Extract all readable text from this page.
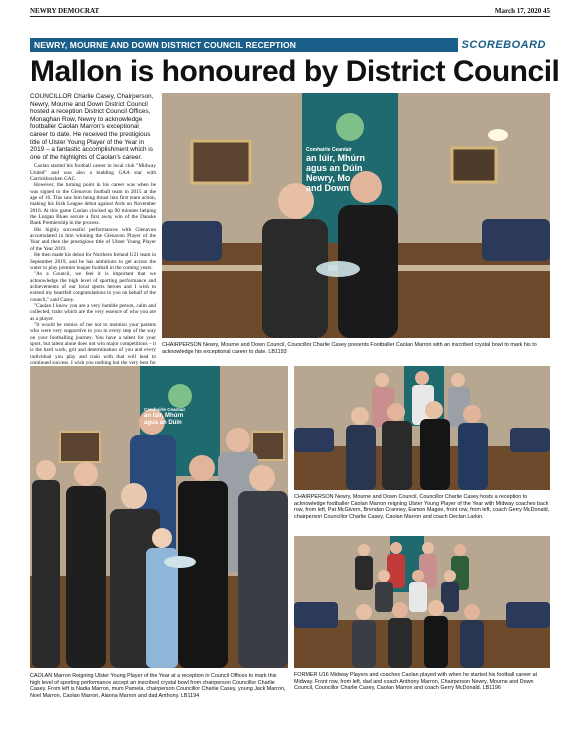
NEWRY DEMOCRAT	March 17, 2020 45
NEWRY, MOURNE AND DOWN DISTRICT COUNCIL RECEPTION	SCOREBOARD
Mallon is honoured by District Council

COUNCILLOR Charlie Casey, Chairperson, Newry, Mourne and Down District Council hosted a reception District Council Offices, Monaghan Row, Newry to acknowledge footballer Caolan Marron's exceptional career to date. He received the prestigious title of Ulster Young Player of the Year in 2019 – a fantastic accomplishment which is one of the highlights of Caolan's career.

Caolan started his football career in local club "Midway United" and was also a budding GAA star with Carrickbracken GAC.

However, the turning point in his career was when he was signed to the Glenavon football team in 2015 at the age of 16. This saw him being thrust into first team action, making his Irish League debut against Ards on November 2016. At this game Caolan clocked up 90 minutes helping the Lurgan Blues secure a first away win of the Danske Bank Premiership in the process.

His highly successful performances with Glenavon accumulated in him winning the Glenavon Player of the Year and then the prestigious title of Ulster Young Player of the Year 2019.

He then made his debut for Northern Ireland U21 team in September 2019, and he has ambitions to get across the water to play premier league football in the coming years.

"As a Council, we feel it is important that we acknowledge the high level of sporting performance and achievements of our local sports heroes and I wish to extend my heartfelt congratulations to you on behalf of the council," said Casey.

"Caolan I know you are a very humble person, calm and collected, traits which are the very essence of who you are as a player.

"It would be remiss of me not to mention your parents who were very supportive to you in every step of the way on your footballing journey. You have a talent for your sport, but talent alone does not win major competitions – it is the hard work, grit and determination of you and every individual you play and train with that will lead to continued success. I wish you nothing but the very best for

Comhairle Ceantair
an Iúir, Mhúrn
agus an Dúin
Newry, Mo
and Down
CHAIRPERSON Newry, Mourne and Down Council, Councillor Charlie Casey presents Footballer Caolan Marron with an inscribed crystal bowl to mark his to acknowledge his exceptional career to date. LB1193
Comhairle Ceantair
an Iúir, Mhúrn
agus an Dúin
CAOLAN Marron Reigning Ulster Young Player of the Year at a reception in Council Offices to mark this high level of sporting performance accept an inscribed crystal bowl from chairperson Councillor Charlie Casey. From left is Nadia Marron, mum Pamela, chairperson Councillor Charlie Casey, young Jack Marron, Noel Marron, Caolan Marron, Alanna Marron and dad Anthony. LB1194
CHAIRPERSON Newry, Mourne and Down Council, Councillor Charlie Casey hosts a reception to acknowledge footballer Caolan Marron reigning Ulster Young Player of the Year with Midway coaches back row, from left, Pat McGivern, Brendan Cranney, Eamon Magee, front row, from left, coach Gerry McDonald, chairperson Councillor Charlie Casey, Caolan Marron and coach Declan Larkin.
FORMER U16 Midway Players and coaches Caolan played with when he started his football career at Midway. Front row, from left, dad and coach Anthony Marron, Chairperson Newry, Mourne and Down Council, Councillor Charlie Casey, Caolan Marron and coach Gerry McDonald. LB1196
